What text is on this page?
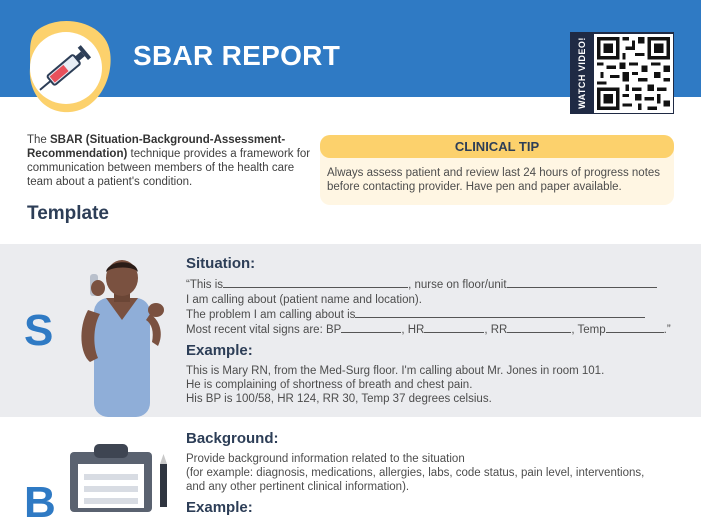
SBAR REPORT	WATCH VIDEO!
The SBAR (Situation-Background-Assessment-Recommendation) technique provides a framework for communication between members of the health care team about a patient's condition.
Template
CLINICAL TIP
Always assess patient and review last 24 hours of progress notes before contacting provider. Have pen and paper available.
S
Situation:
“This is	, nurse on floor/unit
I am calling about (patient name and location).
The problem I am calling about is
Most recent vital signs are: BP	, HR	, RR	, Temp	.”
Example:
This is Mary RN, from the Med-Surg floor. I'm calling about Mr. Jones in room 101.
He is complaining of shortness of breath and chest pain.
His BP is 100/58, HR 124, RR 30, Temp 37 degrees celsius.
B
Background:
Provide background information related to the situation
(for example: diagnosis, medications, allergies, labs, code status, pain level, interventions,
and any other pertinent clinical information).
Example:
